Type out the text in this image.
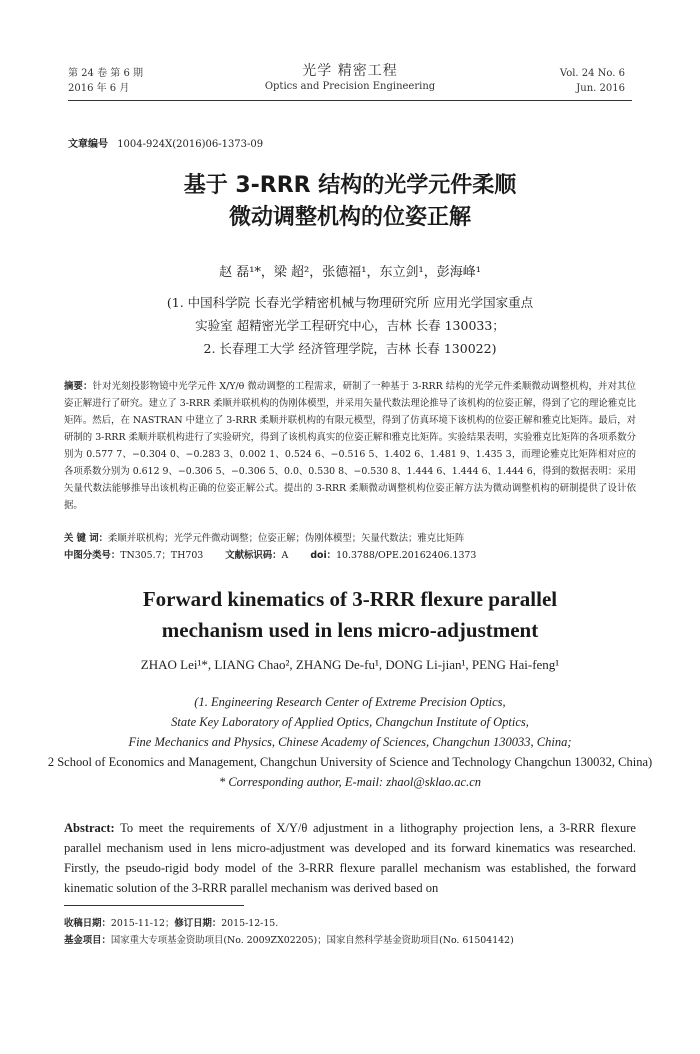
第 24 卷 第 6 期
2016 年 6 月
光学 精密工程
Optics and Precision Engineering
Vol. 24 No. 6
Jun. 2016
文章编号 1004-924X(2016)06-1373-09
基于 3-RRR 结构的光学元件柔顺
微动调整机构的位姿正解
赵 磊¹*，梁 超²，张德福¹，东立剑¹，彭海峰¹
(1. 中国科学院 长春光学精密机械与物理研究所 应用光学国家重点
实验室 超精密光学工程研究中心，吉林 长春 130033；
2. 长春理工大学 经济管理学院，吉林 长春 130022)
摘要：针对光刻投影物镜中光学元件 X/Y/θ 微动调整的工程需求，研制了一种基于 3-RRR 结构的光学元件柔顺微动调整机构，并对其位姿正解进行了研究。建立了 3-RRR 柔顺并联机构的伪刚体模型，并采用矢量代数法理论推导了该机构的位姿正解，得到了它的理论雅克比矩阵。然后，在 NASTRAN 中建立了 3-RRR 柔顺并联机构的有限元模型，得到了仿真环境下该机构的位姿正解和雅克比矩阵。最后，对研制的 3-RRR 柔顺并联机构进行了实验研究，得到了该机构真实的位姿正解和雅克比矩阵。实验结果表明，实验雅克比矩阵的各项系数分别为 0.577 7、−0.304 0、−0.283 3、0.002 1、0.524 6、−0.516 5、1.402 6、1.481 9、1.435 3，而理论雅克比矩阵相对应的各项系数分别为 0.612 9、−0.306 5、−0.306 5、0.0、0.530 8、−0.530 8、1.444 6、1.444 6、1.444 6，得到的数据表明：采用矢量代数法能够推导出该机构正确的位姿正解公式。提出的 3-RRR 柔顺微动调整机构位姿正解方法为微动调整机构的研制提供了设计依据。
关 键 词：柔顺并联机构；光学元件微动调整；位姿正解；伪刚体模型；矢量代数法；雅克比矩阵
中图分类号：TN305.7；TH703 文献标识码：A doi：10.3788/OPE.20162406.1373
Forward kinematics of 3-RRR flexure parallel
mechanism used in lens micro-adjustment
ZHAO Lei¹*, LIANG Chao², ZHANG De-fu¹, DONG Li-jian¹, PENG Hai-feng¹
(1. Engineering Research Center of Extreme Precision Optics,
State Key Laboratory of Applied Optics, Changchun Institute of Optics,
Fine Mechanics and Physics, Chinese Academy of Sciences, Changchun 130033, China;
2 School of Economics and Management, Changchun University of Science and Technology Changchun 130032, China)
* Corresponding author, E-mail: zhaol@sklao.ac.cn
Abstract: To meet the requirements of X/Y/θ adjustment in a lithography projection lens, a 3-RRR flexure parallel mechanism used in lens micro-adjustment was developed and its forward kinematics was researched. Firstly, the pseudo-rigid body model of the 3-RRR flexure parallel mechanism was established, the forward kinematic solution of the 3-RRR parallel mechanism was derived based on
收稿日期：2015-11-12；修订日期：2015-12-15.
基金项目：国家重大专项基金资助项目(No. 2009ZX02205)；国家自然科学基金资助项目(No. 61504142)
